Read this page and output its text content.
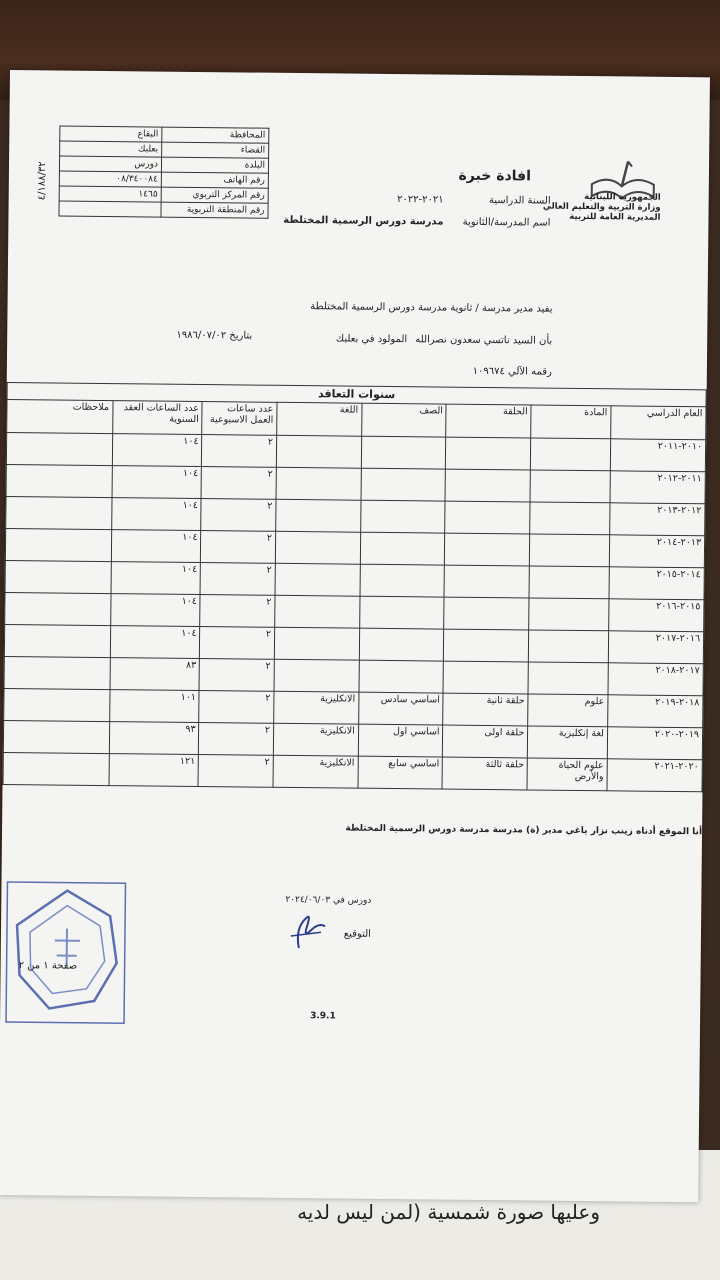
وعليها صورة شمسية (لمن ليس لديه
الجمهورية اللبنانية
وزارة التربية والتعليم العالي
المديرية العامة للتربية
افادة خبرة
السنة الدراسية
٢٠٢١-٢٠٢٢
اسم المدرسة/الثانوية
مدرسة دورس الرسمية المختلطة
المحافظة	البقاع
القضاء	بعلبك
البلدة	دورس
رقم الهاتف	٠٨/٣٤٠٠٨٤
رقم المركز التربوي	١٤٦٥
رقم المنطقة التربوية	
٤/١٨٨/٣٢
يفيد مدير مدرسة / ثانوية مدرسة دورس الرسمية المختلطة
بأن السيد ناتسي سعدون نصرالله
المولود في بعلبك
بتاريخ ١٩٨٦/٠٧/٠٢
رقمه الآلي ١٠٩٦٧٤
سنوات التعاقد							
العام الدراسي	المادة	الحلقة	الصف	اللغة	عدد ساعات العمل الاسبوعية	عدد الساعات العقد السنوية	ملاحظات
٢٠١٠-٢٠١١					٢	١٠٤	
٢٠١١-٢٠١٢					٢	١٠٤	
٢٠١٢-٢٠١٣					٢	١٠٤	
٢٠١٣-٢٠١٤					٢	١٠٤	
٢٠١٤-٢٠١٥					٢	١٠٤	
٢٠١٥-٢٠١٦					٢	١٠٤	
٢٠١٦-٢٠١٧					٢	١٠٤	
٢٠١٧-٢٠١٨					٢	٨٣	
٢٠١٨-٢٠١٩	علوم	حلقة ثانية	اساسي سادس	الانكليزية	٢	١٠١	
٢٠١٩-٢٠٢٠	لغة إنكليزية	حلقة اولى	اساسي اول	الانكليزية	٢	٩٣	
٢٠٢٠-٢٠٢١	علوم الحياة والأرض	حلقة ثالثة	اساسي سابع	الانكليزية	٢	١٢١	
أنا الموقع أدناه زينب نزار ياغي مدير (ة) مدرسة مدرسة دورس الرسمية المختلطة
دورس في ٢٠٢٤/٠٦/٠٣
التوقيع
صفحة ١ من ٢
3.9.1
